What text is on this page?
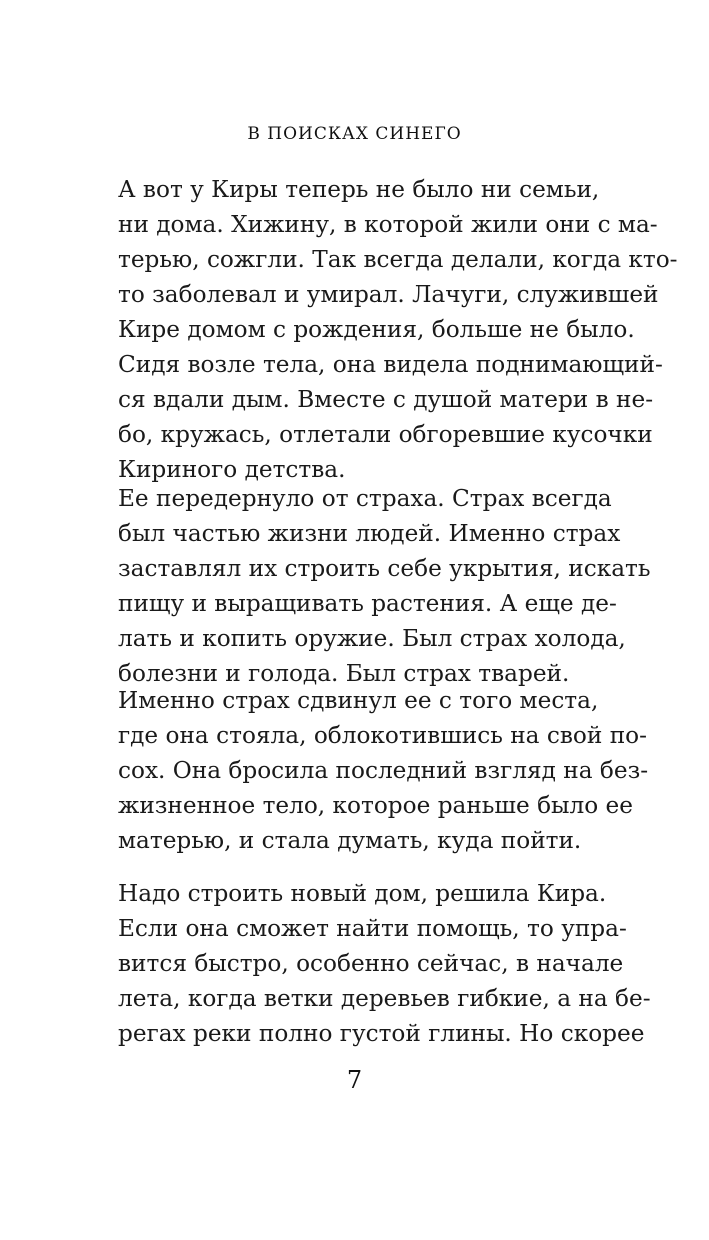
В ПОИСКАХ СИНЕГО
А вот у Киры теперь не было ни семьи,
ни дома. Хижину, в которой жили они с ма-
терью, сожгли. Так всегда делали, когда кто-
то заболевал и умирал. Лачуги, служившей
Кире домом с рождения, больше не было.
Сидя возле тела, она видела поднимающий-
ся вдали дым. Вместе с душой матери в не-
бо, кружась, отлетали обгоревшие кусочки
Кириного детства.
Ее передернуло от страха. Страх всегда
был частью жизни людей. Именно страх
заставлял их строить себе укрытия, искать
пищу и выращивать растения. А еще де-
лать и копить оружие. Был страх холода,
болезни и голода. Был страх тварей.
Именно страх сдвинул ее с того места,
где она стояла, облокотившись на свой по-
сох. Она бросила последний взгляд на без-
жизненное тело, которое раньше было ее
матерью, и стала думать, куда пойти.
Надо строить новый дом, решила Кира.
Если она сможет найти помощь, то упра-
вится быстро, особенно сейчас, в начале
лета, когда ветки деревьев гибкие, а на бе-
регах реки полно густой глины. Но скорее
7
